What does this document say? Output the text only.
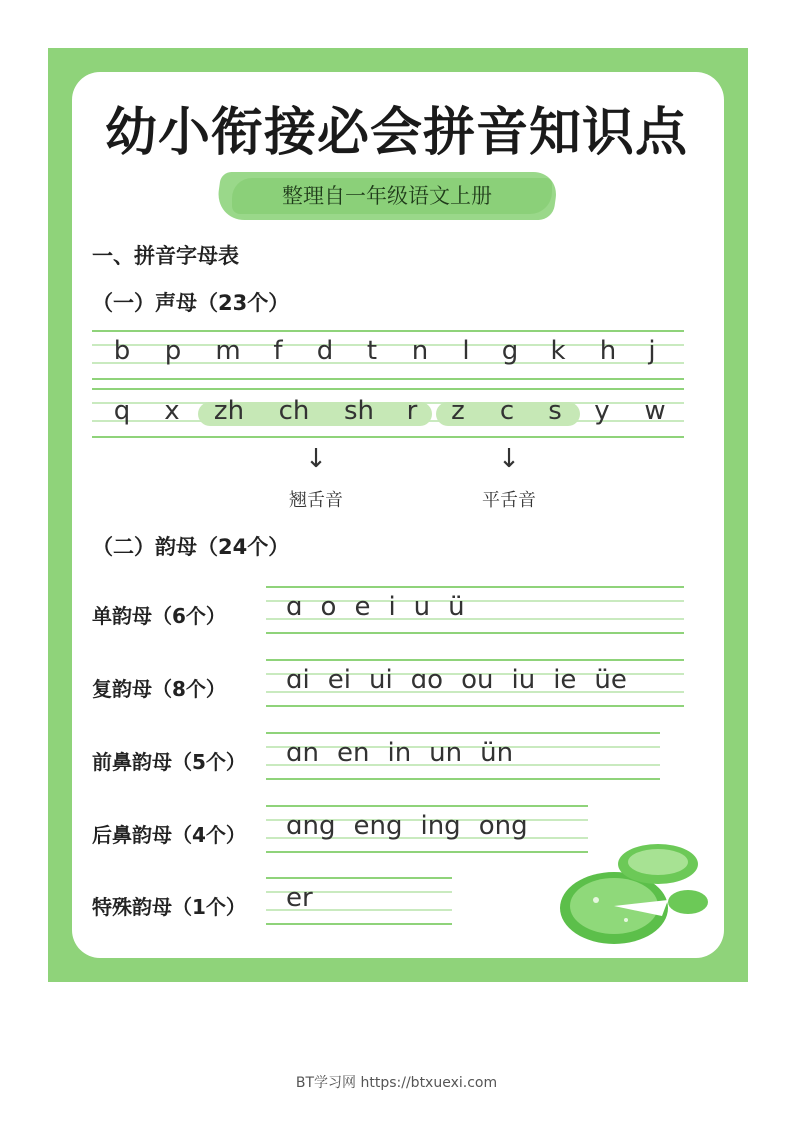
幼小衔接必会拼音知识点
整理自一年级语文上册
一、拼音字母表
（一）声母（23个）
b p m f d t n l g k h j
q x zh ch sh r z c s y w
↓	↓
翘舌音	平舌音
（二）韵母（24个）
单韵母（6个） ɑ o e i u ü
复韵母（8个） ɑi ei ui ɑo ou iu ie üe
前鼻韵母（5个） ɑn en in un ün
后鼻韵母（4个） ɑng eng ing ong
特殊韵母（1个） er
BT学习网 https://btxuexi.com
